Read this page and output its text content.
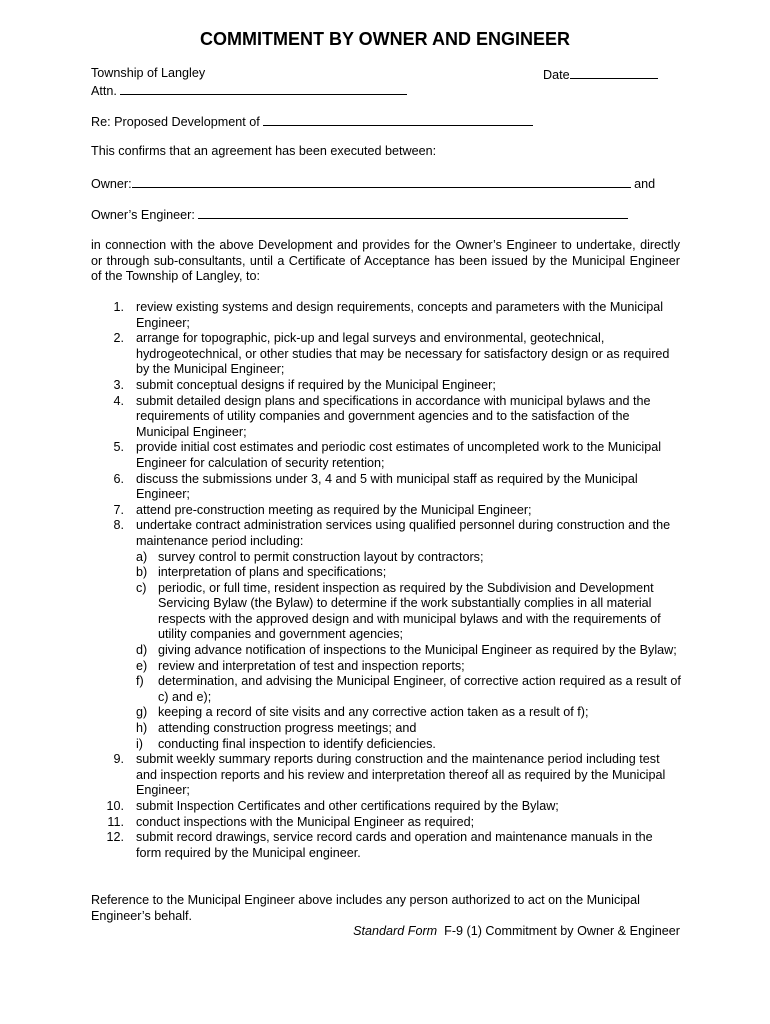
COMMITMENT BY OWNER AND ENGINEER
Township of Langley	Date
Attn.
Re: Proposed Development of
This confirms that an agreement has been executed between:
Owner:	and
Owner’s Engineer:
in connection with the above Development and provides for the Owner’s Engineer to undertake, directly or through sub-consultants, until a Certificate of Acceptance has been issued by the Municipal Engineer of the Township of Langley, to:
1. review existing systems and design requirements, concepts and parameters with the Municipal Engineer;
2. arrange for topographic, pick-up and legal surveys and environmental, geotechnical, hydrogeotechnical, or other studies that may be necessary for satisfactory design or as required by the Municipal Engineer;
3. submit conceptual designs if required by the Municipal Engineer;
4. submit detailed design plans and specifications in accordance with municipal bylaws and the requirements of utility companies and government agencies and to the satisfaction of the Municipal Engineer;
5. provide initial cost estimates and periodic cost estimates of uncompleted work to the Municipal Engineer for calculation of security retention;
6. discuss the submissions under 3, 4 and 5 with municipal staff as required by the Municipal Engineer;
7. attend pre-construction meeting as required by the Municipal Engineer;
8. undertake contract administration services using qualified personnel during construction and the maintenance period including:
a) survey control to permit construction layout by contractors;
b) interpretation of plans and specifications;
c) periodic, or full time, resident inspection as required by the Subdivision and Development Servicing Bylaw (the Bylaw) to determine if the work substantially complies in all material respects with the approved design and with municipal bylaws and with the requirements of utility companies and government agencies;
d) giving advance notification of inspections to the Municipal Engineer as required by the Bylaw;
e) review and interpretation of test and inspection reports;
f) determination, and advising the Municipal Engineer, of corrective action required as a result of c) and e);
g) keeping a record of site visits and any corrective action taken as a result of f);
h) attending construction progress meetings; and
i) conducting final inspection to identify deficiencies.
9. submit weekly summary reports during construction and the maintenance period including test and inspection reports and his review and interpretation thereof all as required by the Municipal Engineer;
10. submit Inspection Certificates and other certifications required by the Bylaw;
11. conduct inspections with the Municipal Engineer as required;
12. submit record drawings, service record cards and operation and maintenance manuals in the form required by the Municipal engineer.
Reference to the Municipal Engineer above includes any person authorized to act on the Municipal Engineer’s behalf.
Standard Form F-9 (1) Commitment by Owner & Engineer
